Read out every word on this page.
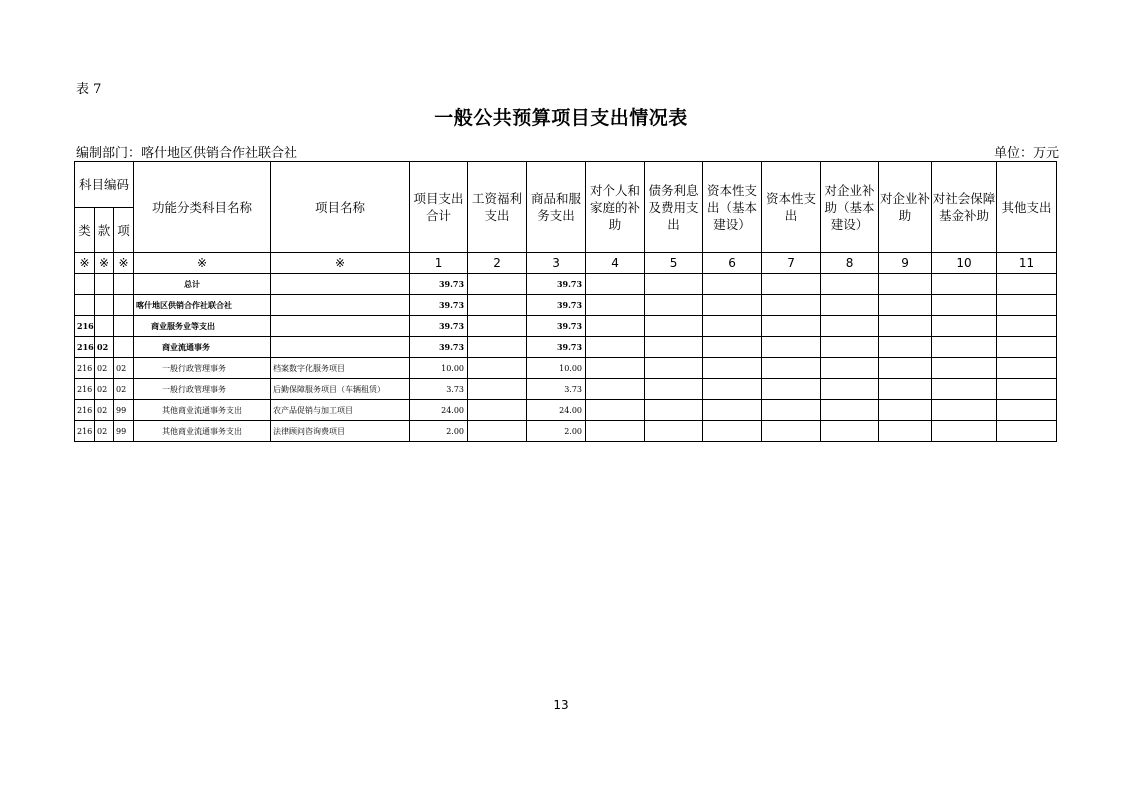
表 7
一般公共预算项目支出情况表
编制部门：喀什地区供销合作社联合社	单位：万元
科目编码			功能分类科目名称	项目名称	项目支出合计	工资福利支出	商品和服务支出	对个人和家庭的补助	债务利息及费用支出	资本性支出（基本建设）	资本性支出	对企业补助（基本建设）	对企业补助	对社会保障基金补助	其他支出
类	款	项													
※	※	※	※	※	1	2	3	4	5	6	7	8	9	10	11
			总计		39.73		39.73								
			喀什地区供销合作社联合社		39.73		39.73								
216			商业服务业等支出		39.73		39.73								
216	02		商业流通事务		39.73		39.73								
216	02	02	一般行政管理事务	档案数字化服务项目	10.00		10.00								
216	02	02	一般行政管理事务	后勤保障服务项目（车辆租赁）	3.73		3.73								
216	02	99	其他商业流通事务支出	农产品促销与加工项目	24.00		24.00								
216	02	99	其他商业流通事务支出	法律顾问咨询费项目	2.00		2.00								
13
